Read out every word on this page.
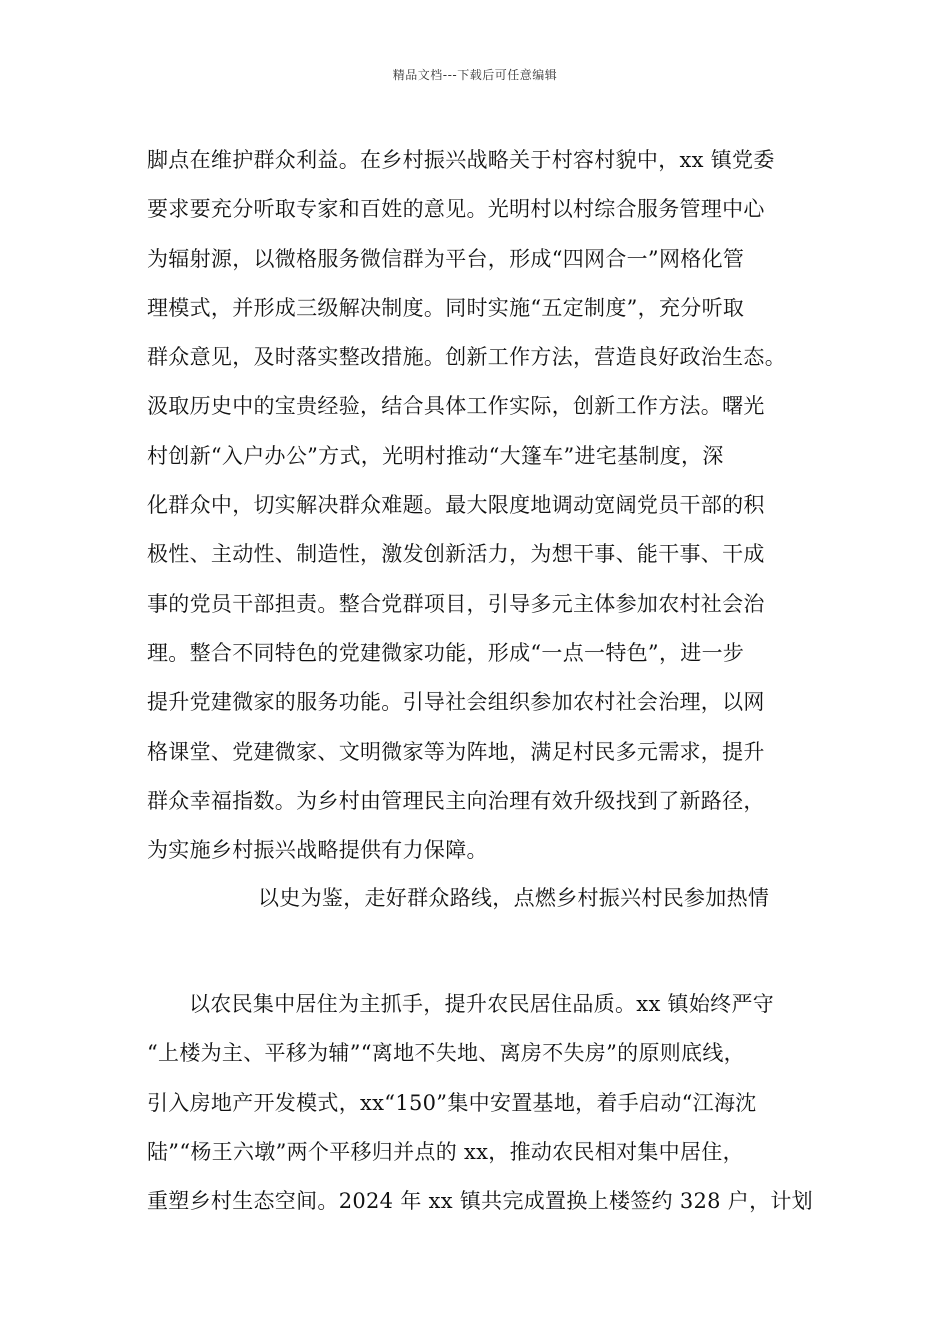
精品文档---下载后可任意编辑
脚点在维护群众利益。在乡村振兴战略关于村容村貌中，xx 镇党委
要求要充分听取专家和百姓的意见。光明村以村综合服务管理中心
为辐射源，以微格服务微信群为平台，形成“四网合一”网格化管
理模式，并形成三级解决制度。同时实施“五定制度”，充分听取
群众意见，及时落实整改措施。创新工作方法，营造良好政治生态。
汲取历史中的宝贵经验，结合具体工作实际，创新工作方法。曙光
村创新“入户办公”方式，光明村推动“大篷车”进宅基制度，深
化群众中，切实解决群众难题。最大限度地调动宽阔党员干部的积
极性、主动性、制造性，激发创新活力，为想干事、能干事、干成
事的党员干部担责。整合党群项目，引导多元主体参加农村社会治
理。整合不同特色的党建微家功能，形成“一点一特色”，进一步
提升党建微家的服务功能。引导社会组织参加农村社会治理，以网
格课堂、党建微家、文明微家等为阵地，满足村民多元需求，提升
群众幸福指数。为乡村由管理民主向治理有效升级找到了新路径，
为实施乡村振兴战略提供有力保障。
以史为鉴，走好群众路线，点燃乡村振兴村民参加热情
以农民集中居住为主抓手，提升农民居住品质。xx 镇始终严守
“上楼为主、平移为辅”“离地不失地、离房不失房”的原则底线，
引入房地产开发模式，xx“150”集中安置基地，着手启动“江海沈
陆”“杨王六墩”两个平移归并点的 xx，推动农民相对集中居住，
重塑乡村生态空间。2024 年 xx 镇共完成置换上楼签约 328 户，计划
